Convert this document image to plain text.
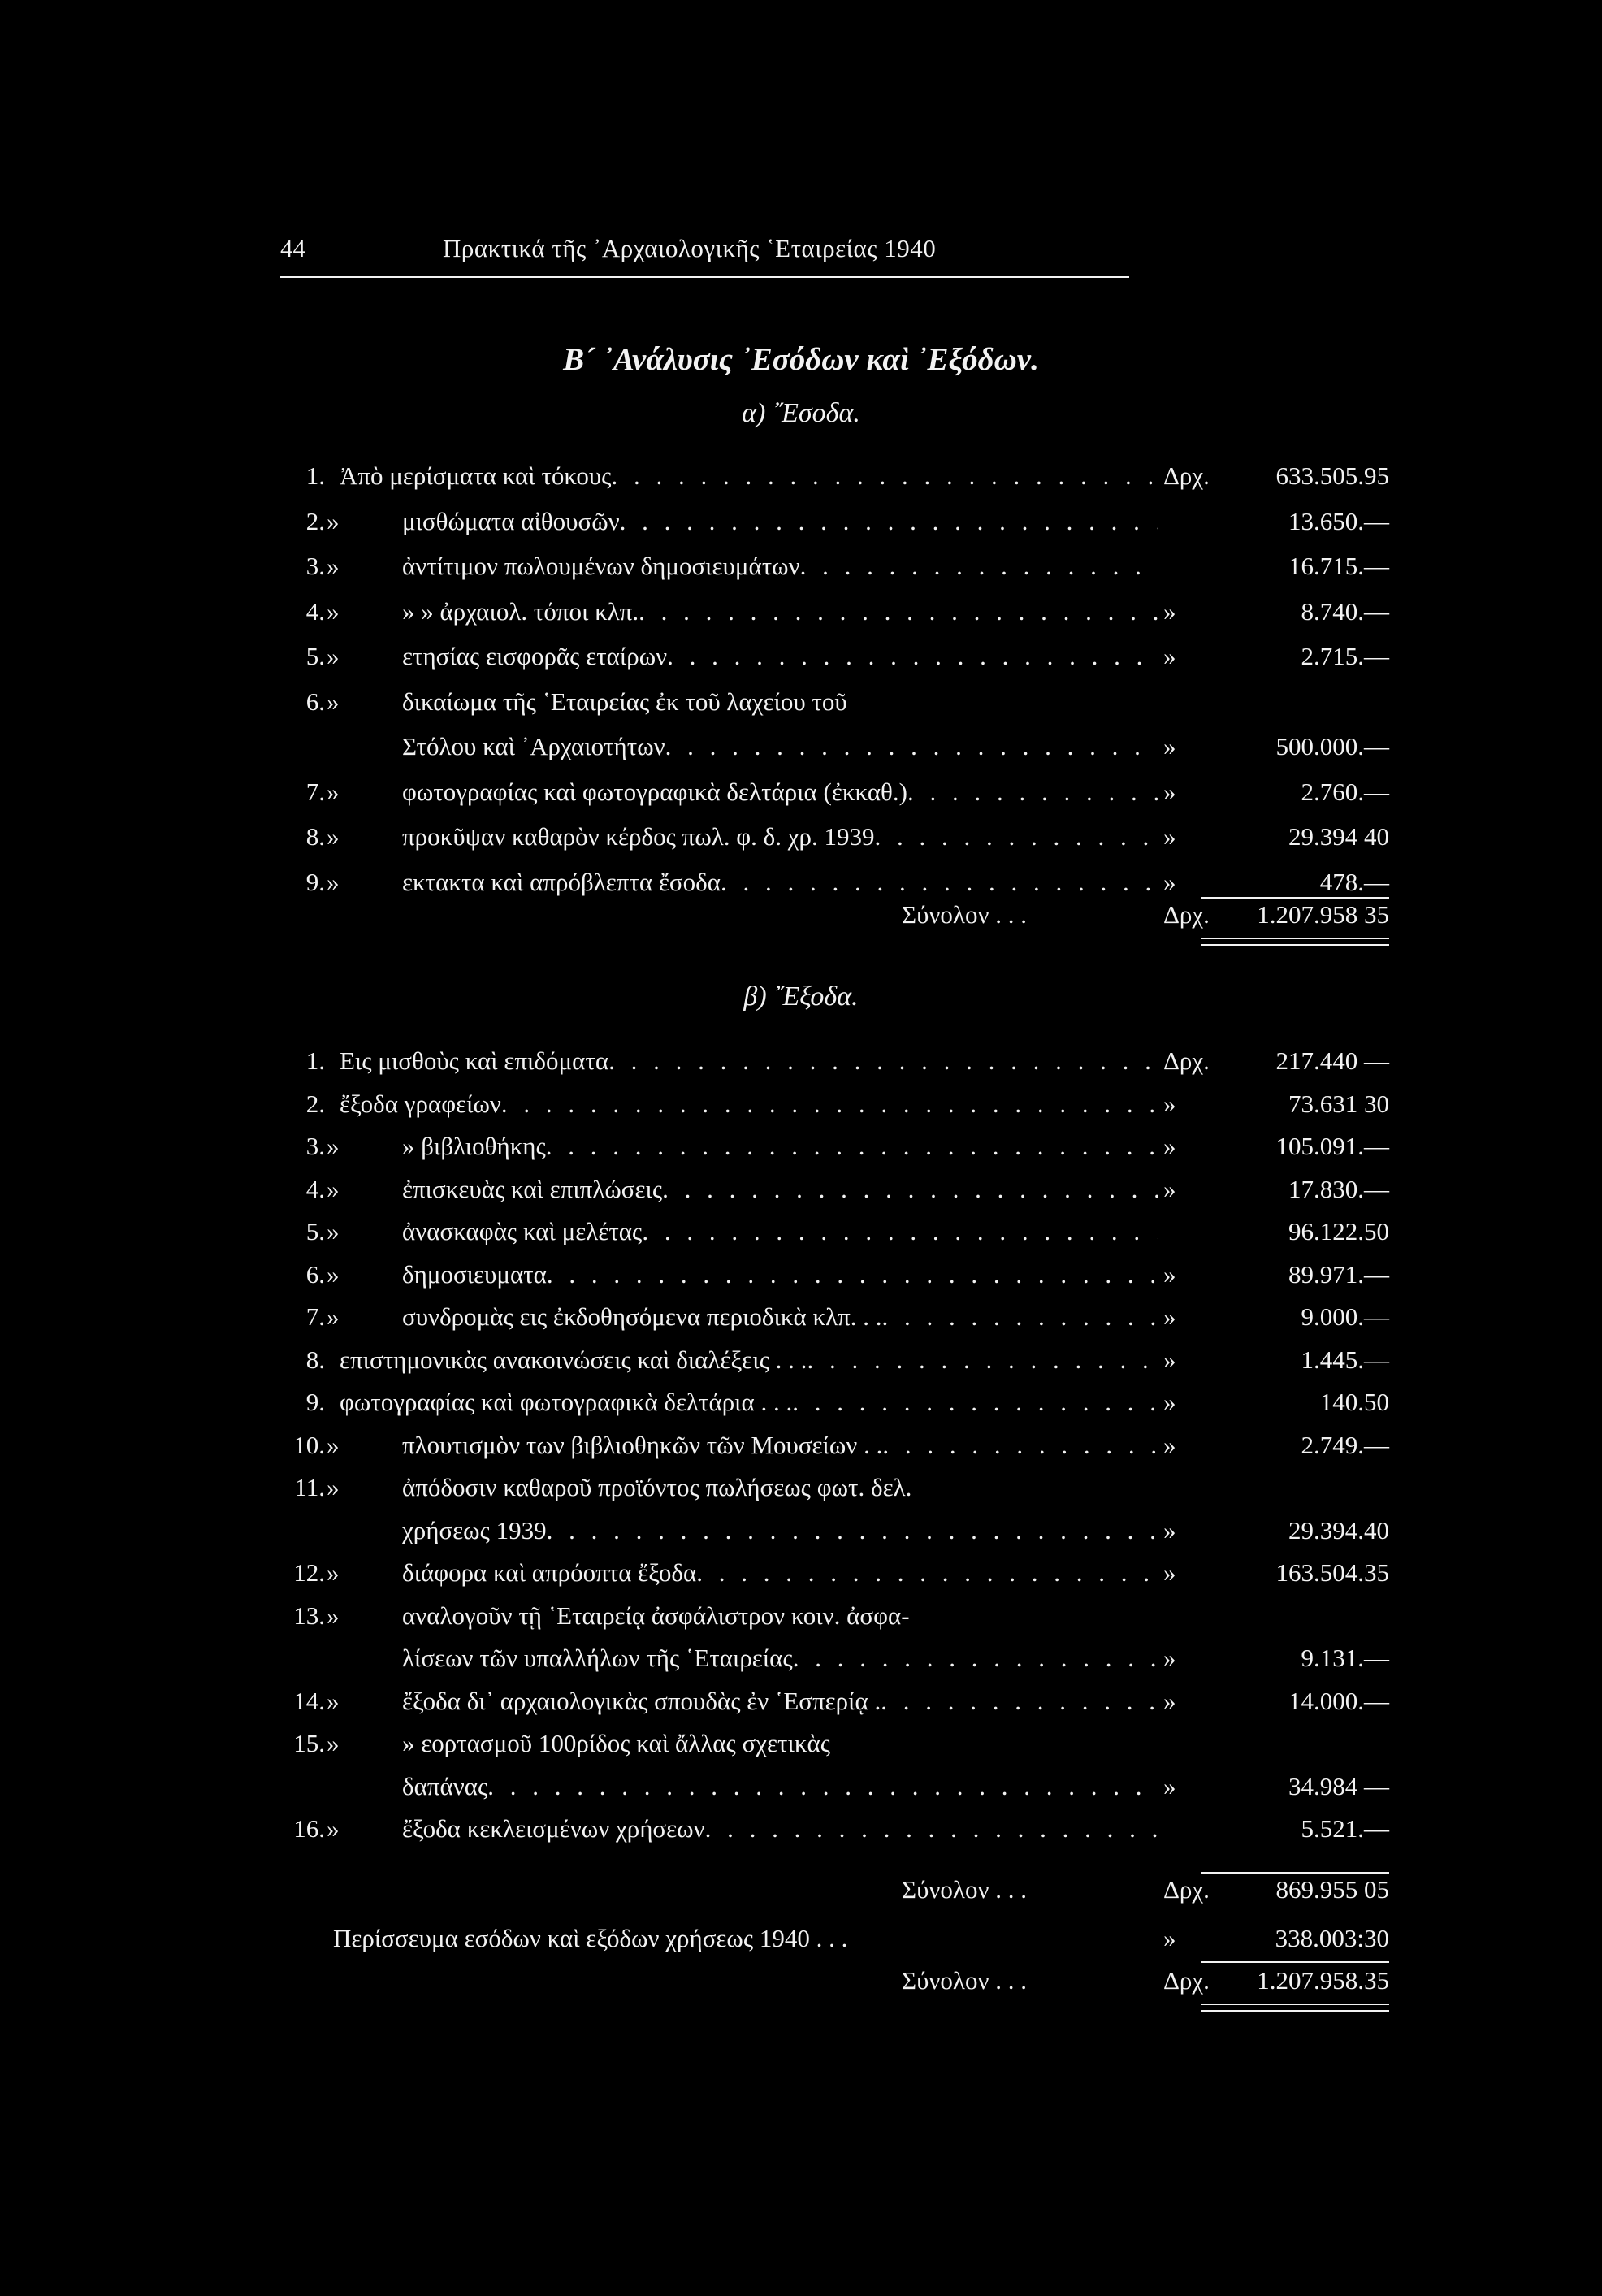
44	Πρακτικά τῆς ᾿Αρχαιολογικῆς ῾Εταιρείας 1940
Β´ ᾿Ανάλυσις ᾿Εσόδων καὶ ᾿Εξόδων.
α) ῎Εσοδα.
1. Ἀπὸ μερίσματα καὶ τόκους . . .	Δρχ.	633.505.95
2. »	μισθώματα αἰθουσῶν . . .	13.650.—
3. »	ἀντίτιμον πωλουμένων δημοσιευμάτων . . .	16.715.—
4. »	» » ἀρχαιολ. τόποι κλπ. . . .	»	8.740.—
5. »	ετησίας εισφορᾶς εταίρων . . .	»	2.715.—
6. »	δικαίωμα τῆς ῾Εταιρείας ἐκ τοῦ λαχείου τοῦ
Στόλου καὶ ᾿Αρχαιοτήτων . . .	»	500.000.—
7. »	φωτογραφίας καὶ φωτογραφικὰ δελτάρια (ἐκκαθ.) . . .	»	2.760.—
8. »	προκῦψαν καθαρὸν κέρδος πωλ. φ. δ. χρ. 1939 . . .	»	29.394 40
9. »	εκτακτα καὶ απρόβλεπτα ἔσοδα . . .	»	478.—
Σύνολον . . .	Δρχ.	1.207.958 35
β) ῎Εξοδα.
1. Εις μισθοὺς καὶ επιδόματα . . .	Δρχ.	217.440 —
2. ἔξοδα γραφείων . . .	»	73.631 30
3. »	» βιβλιοθήκης . . .	»	105.091.—
4. »	ἐπισκευὰς καὶ επιπλώσεις . . .	»	17.830.—
5. »	ἀνασκαφὰς καὶ μελέτας . . .	96.122.50
6. »	δημοσιευματα . . .	»	89.971.—
7. »	συνδρομὰς εις ἐκδοθησόμενα περιοδικὰ κλπ. . . . . .	»	9.000.—
8. επιστημονικὰς ανακοινώσεις καὶ διαλέξεις . . . . . .	»	1.445.—
9. φωτογραφίας καὶ φωτογραφικὰ δελτάρια . . . . . .	»	140.50
10. »	πλουτισμὸν των βιβλιοθηκῶν τῶν Μουσείων . . . . .	»	2.749.—
11. »	ἀπόδοσιν καθαροῦ προϊόντος πωλήσεως φωτ. δελ.
χρήσεως 1939 . . .	»	29.394.40
12. »	διάφορα καὶ απρόοπτα ἔξοδα . . .	»	163.504.35
13. »	αναλογοῦν τῇ ῾Εταιρείᾳ ἀσφάλιστρον κοιν. ἀσφα-
λίσεων τῶν υπαλλήλων τῆς ῾Εταιρείας . . .	»	9.131.—
14. »	ἔξοδα δι᾿ αρχαιολογικὰς σπουδὰς ἐν ῾Εσπερίᾳ . . . .	»	14.000.—
15. »	» εορτασμοῦ 100ρίδος καὶ ἄλλας σχετικὰς
δαπάνας . . .	»	34.984 —
16. »	ἔξοδα κεκλεισμένων χρήσεων . . .	5.521.—
Σύνολον . . .	Δρχ.	869.955 05
Περίσσευμα εσόδων καὶ εξόδων χρήσεως 1940 . . .	»	338.003:30
Σύνολον . . .	Δρχ.	1.207.958.35
